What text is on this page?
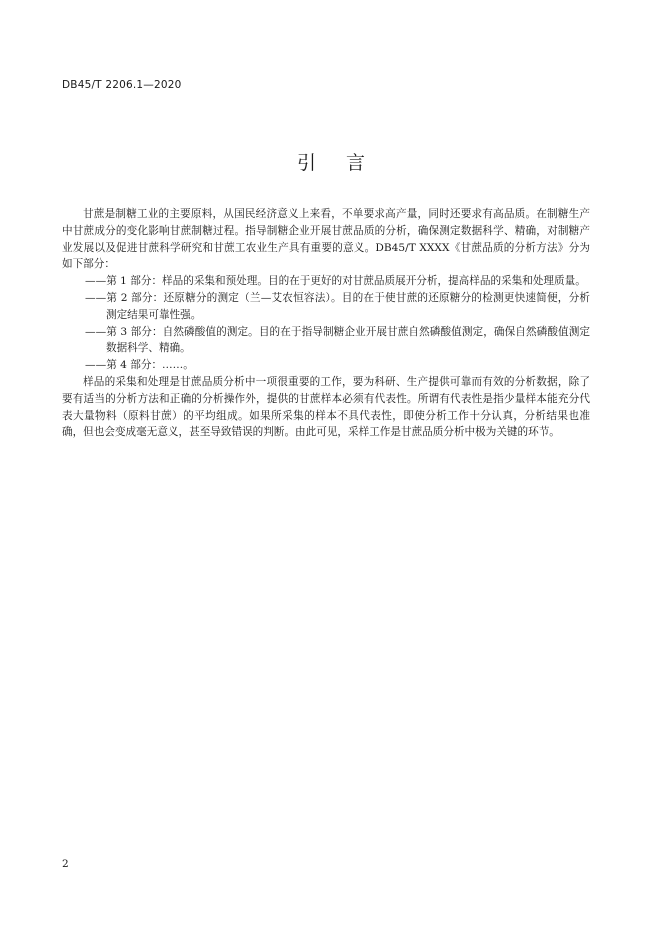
DB45/T 2206.1—2020
引言

甘蔗是制糖工业的主要原料，从国民经济意义上来看，不单要求高产量，同时还要求有高品质。在制糖生产中甘蔗成分的变化影响甘蔗制糖过程。指导制糖企业开展甘蔗品质的分析，确保测定数据科学、精确，对制糖产业发展以及促进甘蔗科学研究和甘蔗工农业生产具有重要的意义。DB45/T XXXX《甘蔗品质的分析方法》分为如下部分：

——第 1 部分：样品的采集和预处理。目的在于更好的对甘蔗品质展开分析，提高样品的采集和处理质量。

——第 2 部分：还原糖分的测定（兰—艾农恒容法）。目的在于使甘蔗的还原糖分的检测更快速简便，分析测定结果可靠性强。

——第 3 部分：自然磷酸值的测定。目的在于指导制糖企业开展甘蔗自然磷酸值测定，确保自然磷酸值测定数据科学、精确。

——第 4 部分：……。

样品的采集和处理是甘蔗品质分析中一项很重要的工作，要为科研、生产提供可靠而有效的分析数据，除了要有适当的分析方法和正确的分析操作外，提供的甘蔗样本必须有代表性。所谓有代表性是指少量样本能充分代表大量物料（原料甘蔗）的平均组成。如果所采集的样本不具代表性，即使分析工作十分认真，分析结果也准确，但也会变成毫无意义，甚至导致错误的判断。由此可见，采样工作是甘蔗品质分析中极为关键的环节。

2
